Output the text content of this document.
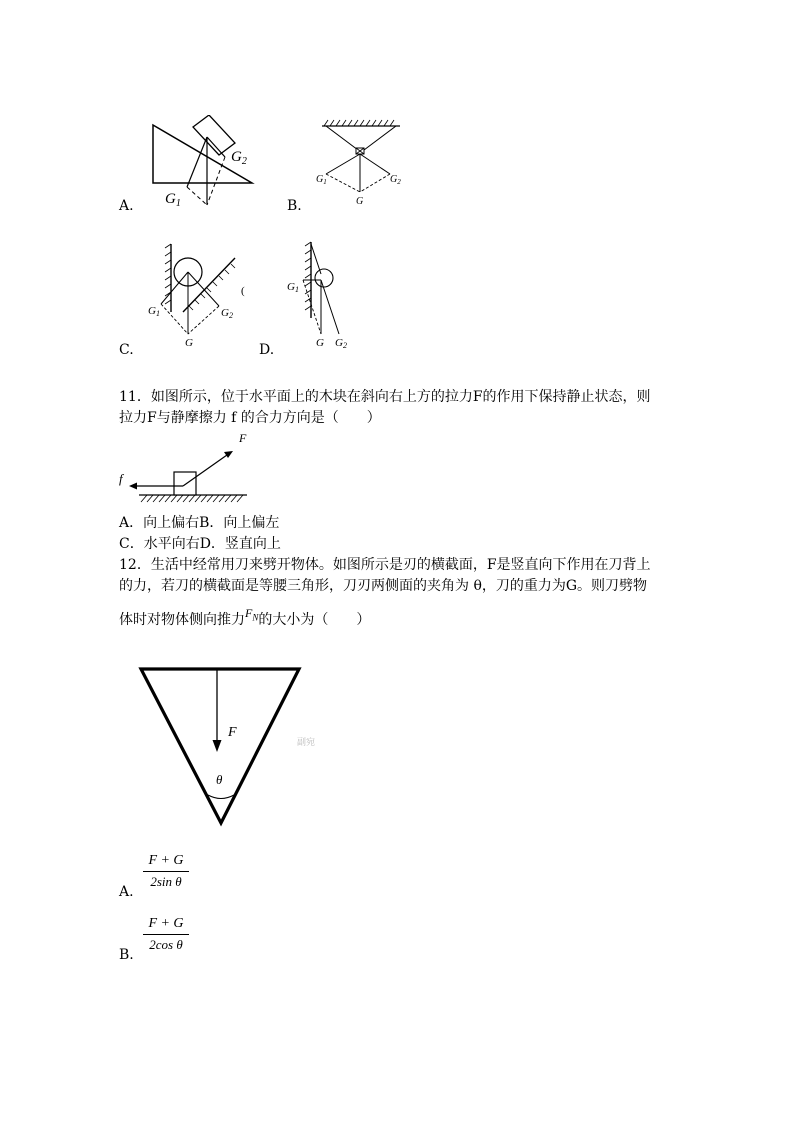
$G_2$
$G_1$
A.
$G_1$	$G_2$
G
B.
G1	G2
G
(
C.
G1
G G2
D.
11．如图所示，位于水平面上的木块在斜向右上方的拉力F的作用下保持静止状态，则
拉力F与静摩擦力 f 的合力方向是（　　）
F
f
A．向上偏右B．向上偏左
C．水平向右D．竖直向上
12．生活中经常用刀来劈开物体。如图所示是刃的横截面，F是竖直向下作用在刀背上
的力，若刀的横截面是等腰三角形，刀刃两侧面的夹角为 θ，刀的重力为G。则刀劈物
体时对物体侧向推力$F_N$的大小为（　　）
F
θ
副宛
A.
$\frac{F + G}{\text{2sin θ}}$
B.
$\frac{F + G}{\text{2cos θ}}$
